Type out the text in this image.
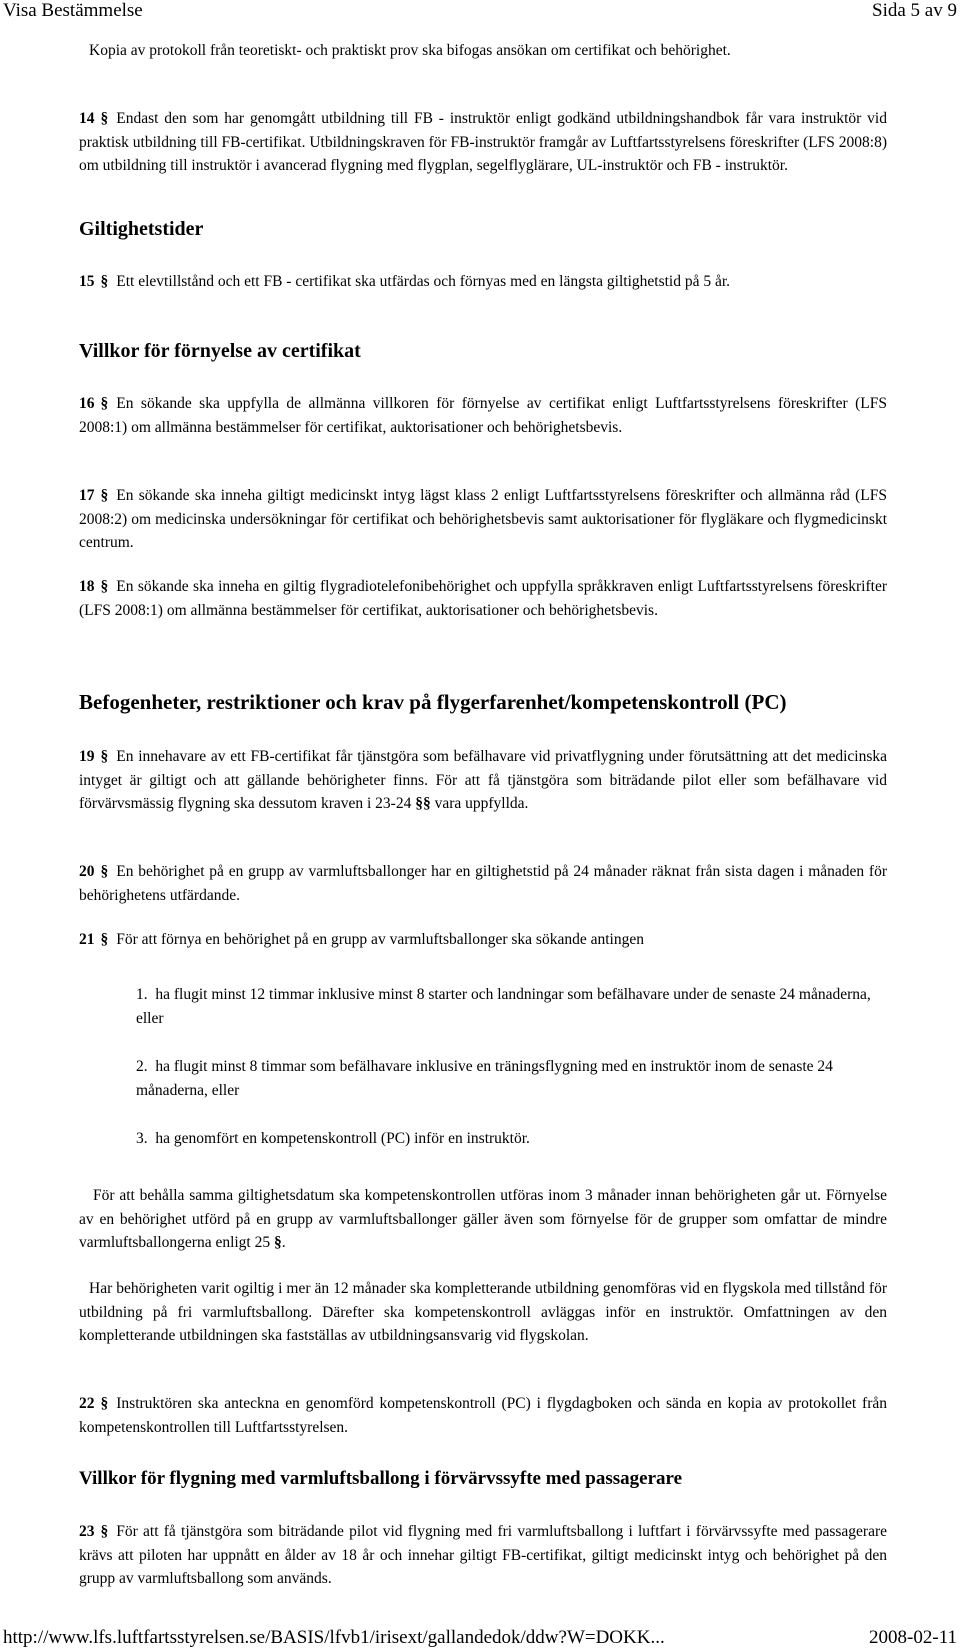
Visa Bestämmelse	Sida 5 av 9
Kopia av protokoll från teoretiskt- och praktiskt prov ska bifogas ansökan om certifikat och behörighet.
14 § Endast den som har genomgått utbildning till FB - instruktör enligt godkänd utbildningshandbok får vara instruktör vid praktisk utbildning till FB-certifikat. Utbildningskraven för FB-instruktör framgår av Luftfartsstyrelsens föreskrifter (LFS 2008:8) om utbildning till instruktör i avancerad flygning med flygplan, segelflyglärare, UL-instruktör och FB - instruktör.
Giltighetstider
15 § Ett elevtillstånd och ett FB - certifikat ska utfärdas och förnyas med en längsta giltighetstid på 5 år.
Villkor för förnyelse av certifikat
16 § En sökande ska uppfylla de allmänna villkoren för förnyelse av certifikat enligt Luftfartsstyrelsens föreskrifter (LFS 2008:1) om allmänna bestämmelser för certifikat, auktorisationer och behörighetsbevis.
17 § En sökande ska inneha giltigt medicinskt intyg lägst klass 2 enligt Luftfartsstyrelsens föreskrifter och allmänna råd (LFS 2008:2) om medicinska undersökningar för certifikat och behörighetsbevis samt auktorisationer för flygläkare och flygmedicinskt centrum.
18 § En sökande ska inneha en giltig flygradiotelefonibehörighet och uppfylla språkkraven enligt Luftfartsstyrelsens föreskrifter (LFS 2008:1) om allmänna bestämmelser för certifikat, auktorisationer och behörighetsbevis.
Befogenheter, restriktioner och krav på flygerfarenhet/kompetenskontroll (PC)
19 § En innehavare av ett FB-certifikat får tjänstgöra som befälhavare vid privatflygning under förutsättning att det medicinska intyget är giltigt och att gällande behörigheter finns. För att få tjänstgöra som biträdande pilot eller som befälhavare vid förvärvsmässig flygning ska dessutom kraven i 23-24 §§ vara uppfyllda.
20 § En behörighet på en grupp av varmluftsballonger har en giltighetstid på 24 månader räknat från sista dagen i månaden för behörighetens utfärdande.
21 § För att förnya en behörighet på en grupp av varmluftsballonger ska sökande antingen
1. ha flugit minst 12 timmar inklusive minst 8 starter och landningar som befälhavare under de senaste 24 månaderna, eller
2. ha flugit minst 8 timmar som befälhavare inklusive en träningsflygning med en instruktör inom de senaste 24 månaderna, eller
3. ha genomfört en kompetenskontroll (PC) inför en instruktör.
För att behålla samma giltighetsdatum ska kompetenskontrollen utföras inom 3 månader innan behörigheten går ut. Förnyelse av en behörighet utförd på en grupp av varmluftsballonger gäller även som förnyelse för de grupper som omfattar de mindre varmluftsballongerna enligt 25 §.
Har behörigheten varit ogiltig i mer än 12 månader ska kompletterande utbildning genomföras vid en flygskola med tillstånd för utbildning på fri varmluftsballong. Därefter ska kompetenskontroll avläggas inför en instruktör. Omfattningen av den kompletterande utbildningen ska fastställas av utbildningsansvarig vid flygskolan.
22 § Instruktören ska anteckna en genomförd kompetenskontroll (PC) i flygdagboken och sända en kopia av protokollet från kompetenskontrollen till Luftfartsstyrelsen.
Villkor för flygning med varmluftsballong i förvärvssyfte med passagerare
23 § För att få tjänstgöra som biträdande pilot vid flygning med fri varmluftsballong i luftfart i förvärvssyfte med passagerare krävs att piloten har uppnått en ålder av 18 år och innehar giltigt FB-certifikat, giltigt medicinskt intyg och behörighet på den grupp av varmluftsballong som används.
http://www.lfs.luftfartsstyrelsen.se/BASIS/lfvb1/irisext/gallandedok/ddw?W=DOKK...	2008-02-11
